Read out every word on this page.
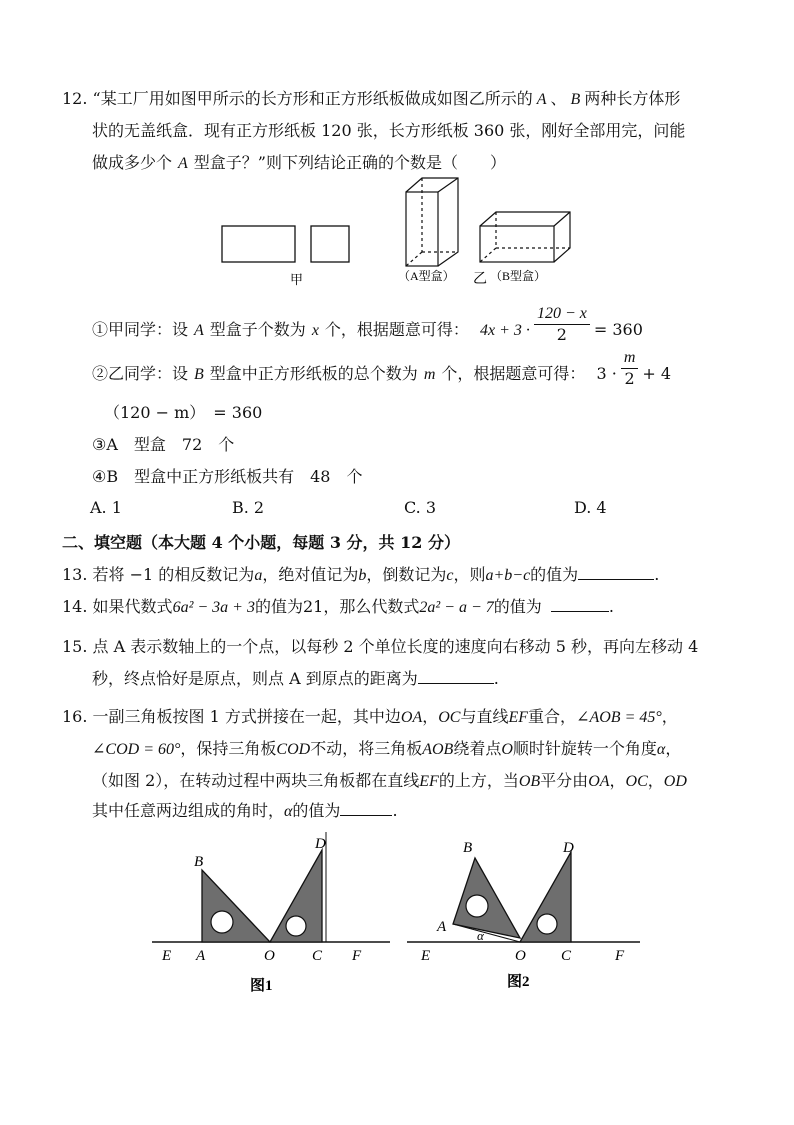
12. “某工厂用如图甲所示的长方形和正方形纸板做成如图乙所示的 A 、 B 两种长方体形
状的无盖纸盒．现有正方形纸板 120 张，长方形纸板 360 张，刚好全部用完，问能
做成多少个 A 型盒子？”则下列结论正确的个数是（　　）
甲	（A型盒） 乙 （B型盒）
①甲同学：设 A 型盒子个数为 x 个，根据题意可得： $4x + 3 \cdot \frac{120 - x}{2} = 360$
②乙同学：设 B 型盒中正方形纸板的总个数为 m 个，根据题意可得： $3 \cdot \frac{m}{2} + 4$
（120 − m）　= 360
③A　型盒　72　个
④B　型盒中正方形纸板共有　48　个
A. 1	B. 2	C. 3	D. 4
二、填空题（本大题 4 个小题，每题 3 分，共 12 分）
13. 若将 −1 的相反数记为a，绝对值记为b，倒数记为c，则a+b−c的值为	.
14. 如果代数式6a² − 3a + 3的值为21，那么代数式2a² − a − 7的值为	.
15. 点 A 表示数轴上的一个点，以每秒 2 个单位长度的速度向右移动 5 秒，再向左移动 4
秒，终点恰好是原点，则点 A 到原点的距离为	.
16. 一副三角板按图 1 方式拼接在一起，其中边OA，OC与直线EF重合，∠AOB = 45°，
∠COD = 60°，保持三角板COD不动，将三角板AOB绕着点O顺时针旋转一个角度α，
（如图 2），在转动过程中两块三角板都在直线EF的上方，当OB平分由OA，OC，OD
其中任意两边组成的角时，α的值为	.
B
D
E A	O C F
图1
B	D
A
α
E	O C	F
图2
